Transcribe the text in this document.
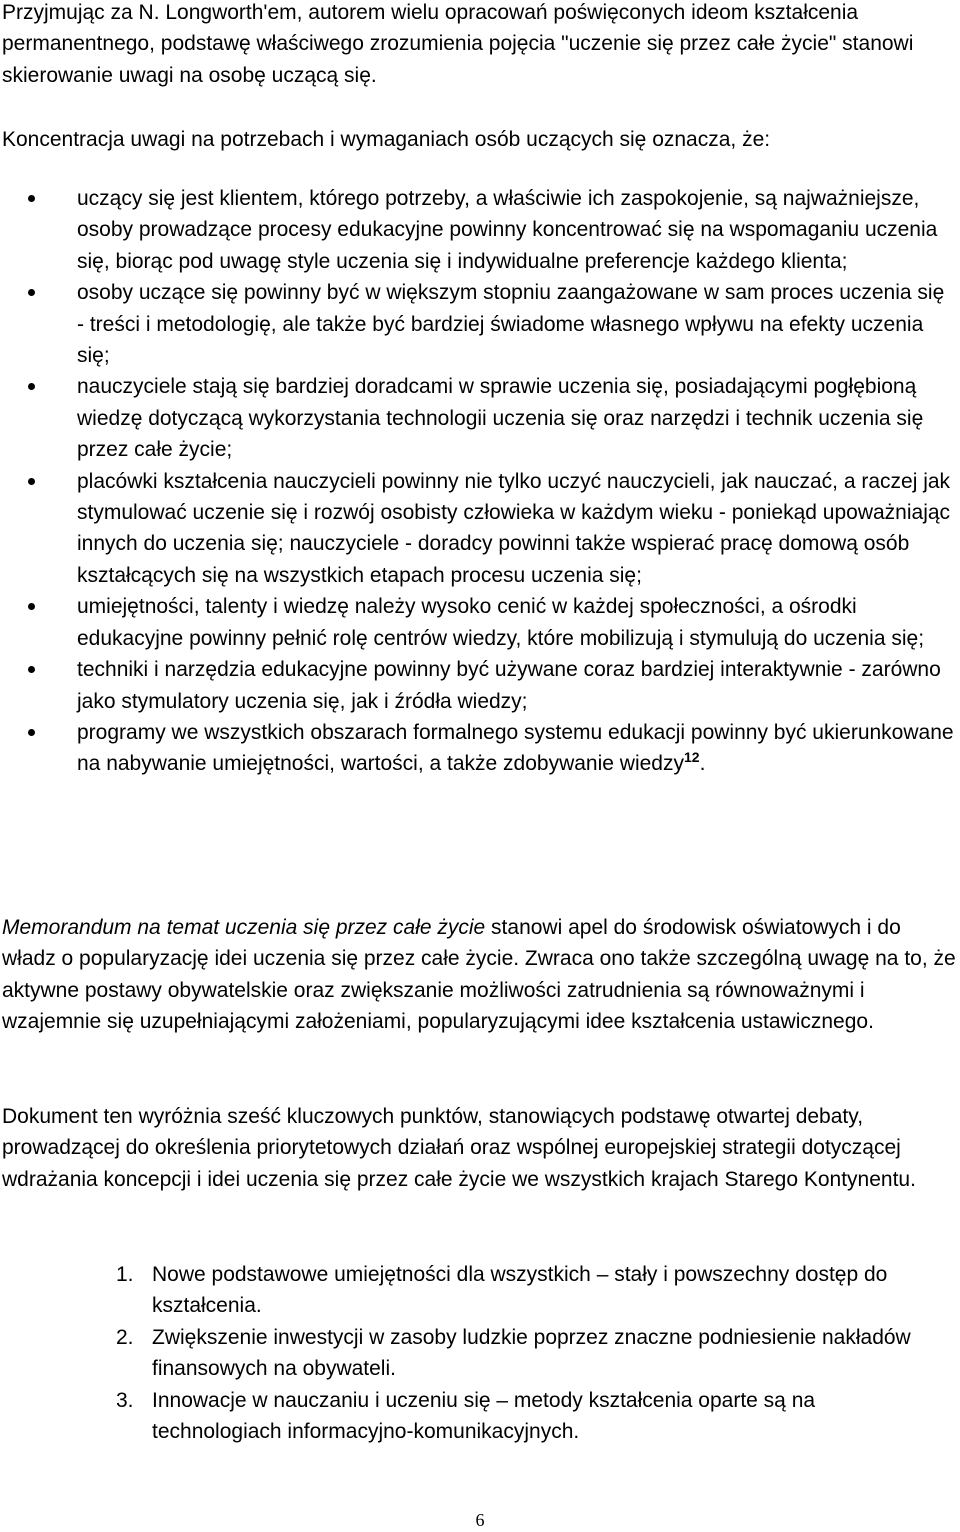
Przyjmując za N. Longworth'em, autorem wielu opracowań poświęconych ideom kształcenia permanentnego, podstawę właściwego zrozumienia pojęcia "uczenie się przez całe życie" stanowi skierowanie uwagi na osobę uczącą się.

Koncentracja uwagi na potrzebach i wymaganiach osób uczących się oznacza, że:

uczący się jest klientem, którego potrzeby, a właściwie ich zaspokojenie, są najważniejsze, osoby prowadzące procesy edukacyjne powinny koncentrować się na wspomaganiu uczenia się, biorąc pod uwagę style uczenia się i indywidualne preferencje każdego klienta;
osoby uczące się powinny być w większym stopniu zaangażowane w sam proces uczenia się - treści i metodologię, ale także być bardziej świadome własnego wpływu na efekty uczenia się;
nauczyciele stają się bardziej doradcami w sprawie uczenia się, posiadającymi pogłębioną wiedzę dotyczącą wykorzystania technologii uczenia się oraz narzędzi i technik uczenia się przez całe życie;
placówki kształcenia nauczycieli powinny nie tylko uczyć nauczycieli, jak nauczać, a raczej jak stymulować uczenie się i rozwój osobisty człowieka w każdym wieku - poniekąd upoważniając innych do uczenia się; nauczyciele - doradcy powinni także wspierać pracę domową osób kształcących się na wszystkich etapach procesu uczenia się;
umiejętności, talenty i wiedzę należy wysoko cenić w każdej społeczności, a ośrodki edukacyjne powinny pełnić rolę centrów wiedzy, które mobilizują i stymulują do uczenia się;
techniki i narzędzia edukacyjne powinny być używane coraz bardziej interaktywnie - zarówno jako stymulatory uczenia się, jak i źródła wiedzy;
programy we wszystkich obszarach formalnego systemu edukacji powinny być ukierunkowane na nabywanie umiejętności, wartości, a także zdobywanie wiedzy$^{12}$.

Memorandum na temat uczenia się przez całe życie stanowi apel do środowisk oświatowych i do władz o popularyzację idei uczenia się przez całe życie. Zwraca ono także szczególną uwagę na to, że aktywne postawy obywatelskie oraz zwiększanie możliwości zatrudnienia są równoważnymi i wzajemnie się uzupełniającymi założeniami, popularyzującymi idee kształcenia ustawicznego.

Dokument ten wyróżnia sześć kluczowych punktów, stanowiących podstawę otwartej debaty, prowadzącej do określenia priorytetowych działań oraz wspólnej europejskiej strategii dotyczącej wdrażania koncepcji i idei uczenia się przez całe życie we wszystkich krajach Starego Kontynentu.

1. Nowe podstawowe umiejętności dla wszystkich – stały i powszechny dostęp do kształcenia.
2. Zwiększenie inwestycji w zasoby ludzkie poprzez znaczne podniesienie nakładów finansowych na obywateli.
3. Innowacje w nauczaniu i uczeniu się – metody kształcenia oparte są na technologiach informacyjno-komunikacyjnych.
6
